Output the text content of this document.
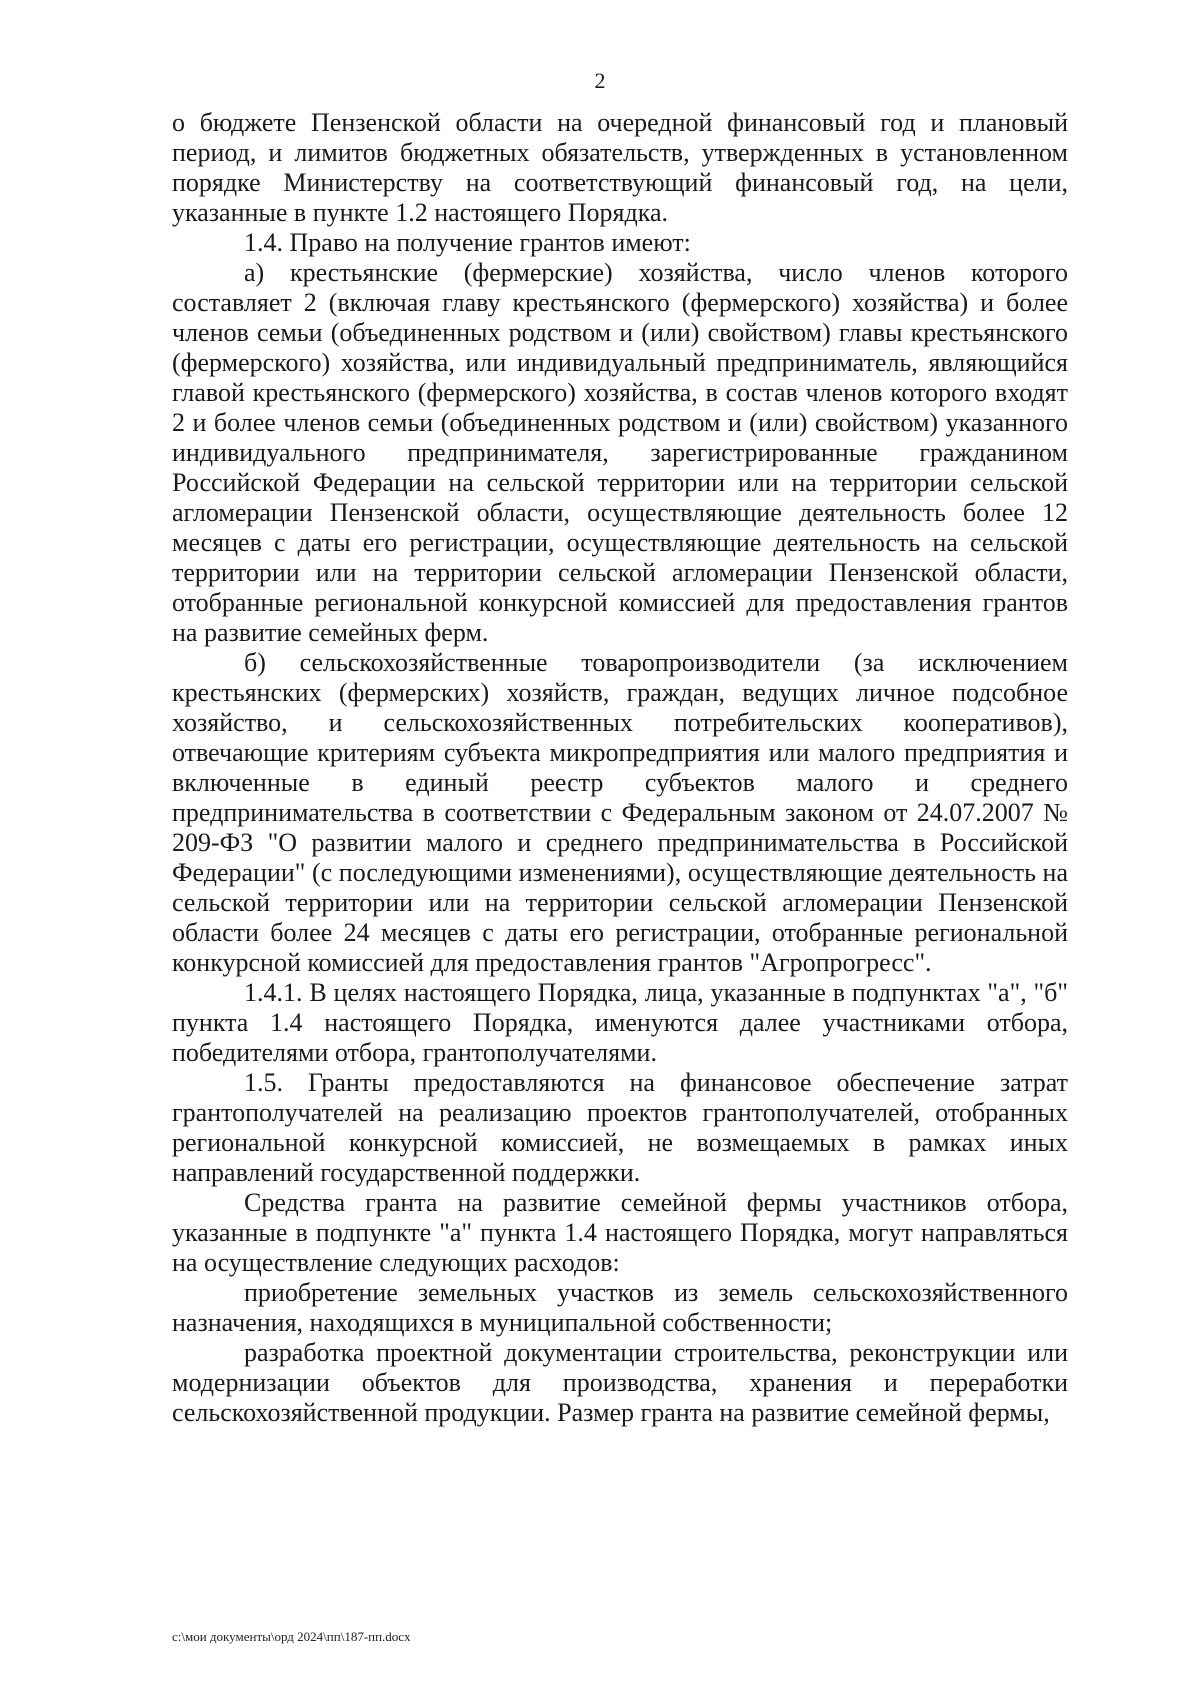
2

о бюджете Пензенской области на очередной финансовый год и плановый период, и лимитов бюджетных обязательств, утвержденных в установленном порядке Министерству на соответствующий финансовый год, на цели, указанные в пункте 1.2 настоящего Порядка.

1.4. Право на получение грантов имеют:

а) крестьянские (фермерские) хозяйства, число членов которого составляет 2 (включая главу крестьянского (фермерского) хозяйства) и более членов семьи (объединенных родством и (или) свойством) главы крестьянского (фермерского) хозяйства, или индивидуальный предприниматель, являющийся главой крестьянского (фермерского) хозяйства, в состав членов которого входят 2 и более членов семьи (объединенных родством и (или) свойством) указанного индивидуального предпринимателя, зарегистрированные гражданином Российской Федерации на сельской территории или на территории сельской агломерации Пензенской области, осуществляющие деятельность более 12 месяцев с даты его регистрации, осуществляющие деятельность на сельской территории или на территории сельской агломерации Пензенской области, отобранные региональной конкурсной комиссией для предоставления грантов на развитие семейных ферм.

б) сельскохозяйственные товаропроизводители (за исключением крестьянских (фермерских) хозяйств, граждан, ведущих личное подсобное хозяйство, и сельскохозяйственных потребительских кооперативов), отвечающие критериям субъекта микропредприятия или малого предприятия и включенные в единый реестр субъектов малого и среднего предпринимательства в соответствии с Федеральным законом от 24.07.2007 № 209-ФЗ "О развитии малого и среднего предпринимательства в Российской Федерации" (с последующими изменениями), осуществляющие деятельность на сельской территории или на территории сельской агломерации Пензенской области более 24 месяцев с даты его регистрации, отобранные региональной конкурсной комиссией для предоставления грантов "Агропрогресс".

1.4.1. В целях настоящего Порядка, лица, указанные в подпунктах "а", "б" пункта 1.4 настоящего Порядка, именуются далее участниками отбора, победителями отбора, грантополучателями.

1.5. Гранты предоставляются на финансовое обеспечение затрат грантополучателей на реализацию проектов грантополучателей, отобранных региональной конкурсной комиссией, не возмещаемых в рамках иных направлений государственной поддержки.

Средства гранта на развитие семейной фермы участников отбора, указанные в подпункте "а" пункта 1.4 настоящего Порядка, могут направляться на осуществление следующих расходов:

приобретение земельных участков из земель сельскохозяйственного назначения, находящихся в муниципальной собственности;

разработка проектной документации строительства, реконструкции или модернизации объектов для производства, хранения и переработки сельскохозяйственной продукции. Размер гранта на развитие семейной фермы,

c:\мои документы\орд 2024\пп\187-пп.docx
